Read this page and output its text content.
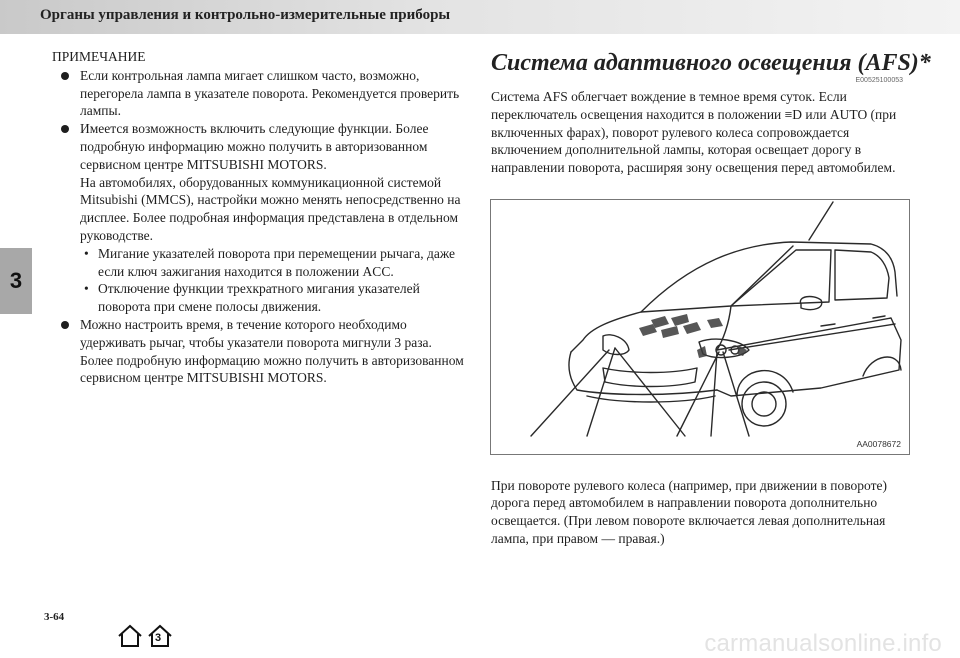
Органы управления и контрольно-измерительные приборы
3

ПРИМЕЧАНИЕ

Если контрольная лампа мигает слишком часто, возможно, перегорела лампа в указателе поворота. Рекомендуется проверить лампы.

Имеется возможность включить следующие функции. Более подробную информацию можно получить в авторизованном сервисном центре MITSUBISHI MOTORS.

На автомобилях, оборудованных коммуникационной системой Mitsubishi (MMCS), настройки можно менять непосредственно на дисплее. Более подробная информация представлена в отдельном руководстве.

• Мигание указателей поворота при перемещении рычага, даже если ключ зажигания находится в положении ACC.

• Отключение функции трехкратного мигания указателей поворота при смене полосы движения.

Можно настроить время, в течение которого необходимо удерживать рычаг, чтобы указатели поворота мигнули 3 раза. Более подробную информацию можно получить в авторизованном сервисном центре MITSUBISHI MOTORS.

Система адаптивного освещения (AFS)*

E00525100053

Система AFS облегчает вождение в темное время суток. Если переключатель освещения находится в положении ≡D или AUTO (при включенных фарах), поворот рулевого колеса сопровождается включением дополнительной лампы, которая освещает дорогу в направлении поворота, расширяя зону освещения перед автомобилем.

AA0078672

При повороте рулевого колеса (например, при движении в повороте) дорога перед автомобилем в направлении поворота дополнительно освещается. (При левом повороте включается левая дополнительная лампа, при правом — правая.)

3-64
3	carmanualsonline.info
